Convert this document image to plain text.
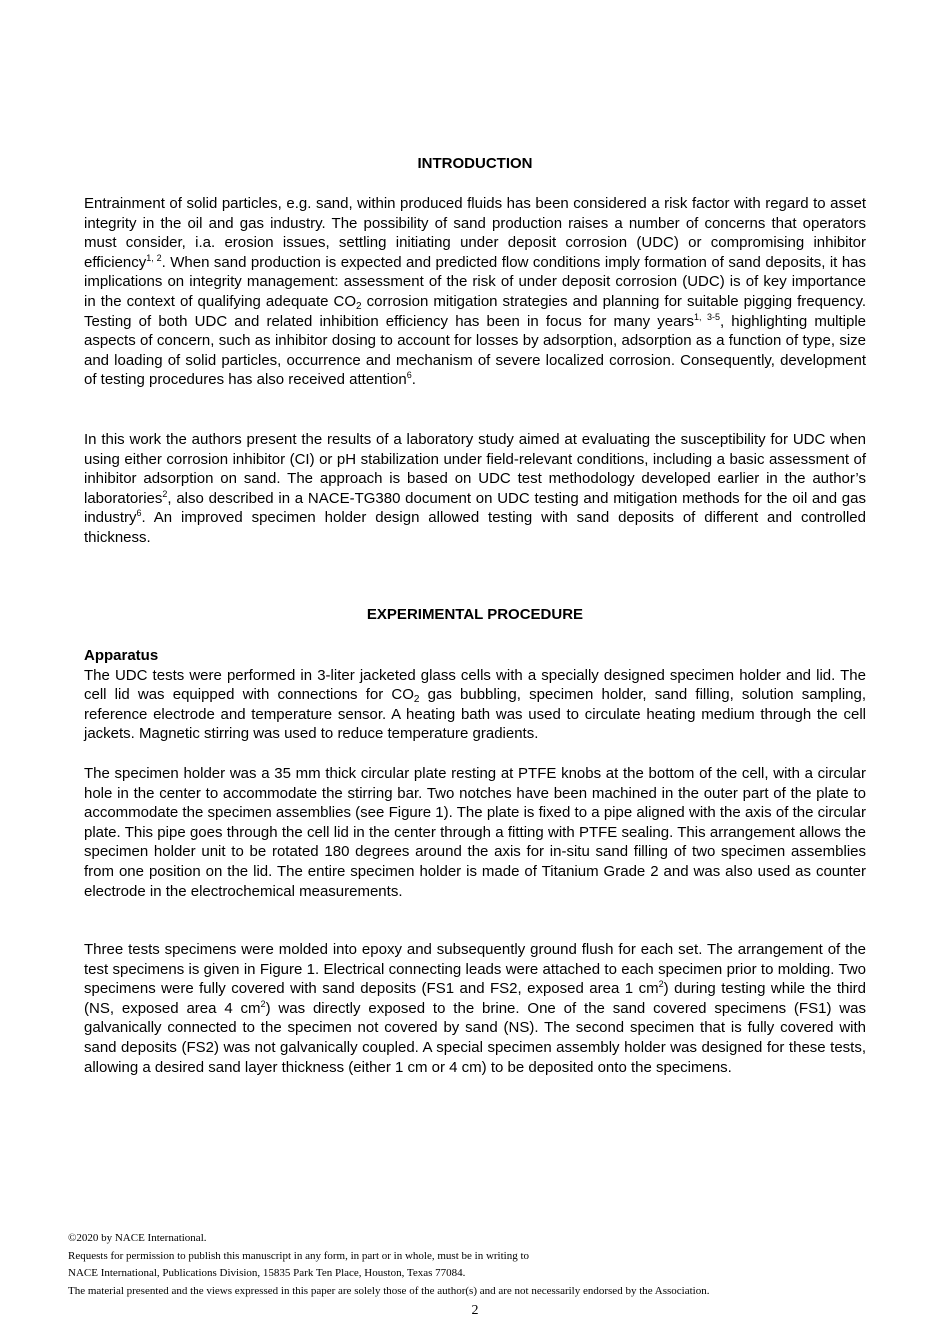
INTRODUCTION

Entrainment of solid particles, e.g. sand, within produced fluids has been considered a risk factor with regard to asset integrity in the oil and gas industry. The possibility of sand production raises a number of concerns that operators must consider, i.a. erosion issues, settling initiating under deposit corrosion (UDC) or compromising inhibitor efficiency$^{1, 2}$. When sand production is expected and predicted flow conditions imply formation of sand deposits, it has implications on integrity management: assessment of the risk of under deposit corrosion (UDC) is of key importance in the context of qualifying adequate $CO_2$ corrosion mitigation strategies and planning for suitable pigging frequency. Testing of both UDC and related inhibition efficiency has been in focus for many years$^{1, 3-5}$, highlighting multiple aspects of concern, such as inhibitor dosing to account for losses by adsorption, adsorption as a function of type, size and loading of solid particles, occurrence and mechanism of severe localized corrosion. Consequently, development of testing procedures has also received attention$^6$.

In this work the authors present the results of a laboratory study aimed at evaluating the susceptibility for UDC when using either corrosion inhibitor (CI) or pH stabilization under field-relevant conditions, including a basic assessment of inhibitor adsorption on sand. The approach is based on UDC test methodology developed earlier in the author’s laboratories$^2$, also described in a NACE-TG380 document on UDC testing and mitigation methods for the oil and gas industry$^6$. An improved specimen holder design allowed testing with sand deposits of different and controlled thickness.

EXPERIMENTAL PROCEDURE

Apparatus
The UDC tests were performed in 3-liter jacketed glass cells with a specially designed specimen holder and lid. The cell lid was equipped with connections for $CO_2$ gas bubbling, specimen holder, sand filling, solution sampling, reference electrode and temperature sensor. A heating bath was used to circulate heating medium through the cell jackets. Magnetic stirring was used to reduce temperature gradients.

The specimen holder was a 35 mm thick circular plate resting at PTFE knobs at the bottom of the cell, with a circular hole in the center to accommodate the stirring bar. Two notches have been machined in the outer part of the plate to accommodate the specimen assemblies (see Figure 1). The plate is fixed to a pipe aligned with the axis of the circular plate. This pipe goes through the cell lid in the center through a fitting with PTFE sealing. This arrangement allows the specimen holder unit to be rotated 180 degrees around the axis for in-situ sand filling of two specimen assemblies from one position on the lid. The entire specimen holder is made of Titanium Grade 2 and was also used as counter electrode in the electrochemical measurements.

Three tests specimens were molded into epoxy and subsequently ground flush for each set. The arrangement of the test specimens is given in Figure 1. Electrical connecting leads were attached to each specimen prior to molding. Two specimens were fully covered with sand deposits (FS1 and FS2, exposed area 1 $cm^2$) during testing while the third (NS, exposed area 4 $cm^2$) was directly exposed to the brine. One of the sand covered specimens (FS1) was galvanically connected to the specimen not covered by sand (NS). The second specimen that is fully covered with sand deposits (FS2) was not galvanically coupled. A special specimen assembly holder was designed for these tests, allowing a desired sand layer thickness (either 1 cm or 4 cm) to be deposited onto the specimens.

©2020 by NACE International.
Requests for permission to publish this manuscript in any form, in part or in whole, must be in writing to
NACE International, Publications Division, 15835 Park Ten Place, Houston, Texas 77084.
The material presented and the views expressed in this paper are solely those of the author(s) and are not necessarily endorsed by the Association.
2
